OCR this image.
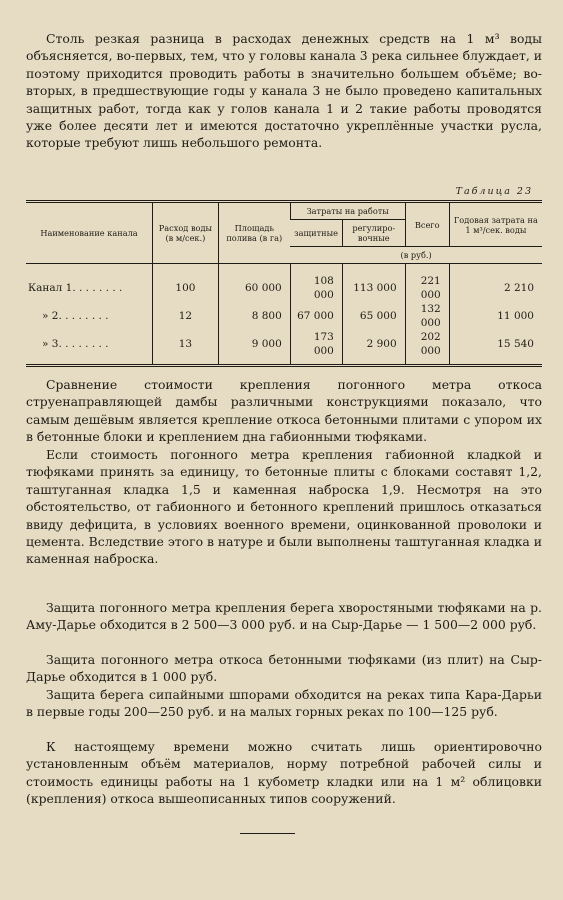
Столь резкая разница в расходах денежных средств на 1 м³ воды объясняется, во-первых, тем, что у головы канала 3 река сильнее блуждает, и поэтому приходится проводить работы в значительно большем объёме; во-вторых, в предшествующие годы у канала 3 не было проведено капитальных защитных работ, тогда как у голов канала 1 и 2 такие работы проводятся уже более десяти лет и имеются достаточно укреплённые участки русла, которые требуют лишь небольшого ремонта.

Таблица 23
Наименование канала	Расход воды (в м/сек.)	Площадь полива (в га)	Затраты на работы		Всего	Годовая затрата на 1 м³/сек. воды
			защитные	регулиро-вочные		
			(в руб.)			
Канал 1. . . . . . . .	100	60 000	108 000	113 000	221 000	2 210
» 2. . . . . . . .	12	8 800	67 000	65 000	132 000	11 000
» 3. . . . . . . .	13	9 000	173 000	2 900	202 000	15 540

Сравнение стоимости крепления погонного метра откоса струенаправляющей дамбы различными конструкциями показало, что самым дешёвым является крепление откоса бетонными плитами с упором их в бетонные блоки и креплением дна габионными тюфяками.

Если стоимость погонного метра крепления габионной кладкой и тюфяками принять за единицу, то бетонные плиты с блоками составят 1,2, таштуганная кладка 1,5 и каменная наброска 1,9. Несмотря на это обстоятельство, от габионного и бетонного креплений пришлось отказаться ввиду дефицита, в условиях военного времени, оцинкованной проволоки и цемента. Вследствие этого в натуре и были выполнены таштуганная кладка и каменная наброска.

Защита погонного метра крепления берега хворостяными тюфяками на р. Аму-Дарье обходится в 2 500—3 000 руб. и на Сыр-Дарье — 1 500—2 000 руб.

Защита погонного метра откоса бетонными тюфяками (из плит) на Сыр-Дарье обходится в 1 000 руб.

Защита берега сипайными шпорами обходится на реках типа Кара-Дарьи в первые годы 200—250 руб. и на малых горных реках по 100—125 руб.

К настоящему времени можно считать лишь ориентировочно установленным объём материалов, норму потребной рабочей силы и стоимость единицы работы на 1 кубометр кладки или на 1 м² облицовки (крепления) откоса вышеописанных типов сооружений.
